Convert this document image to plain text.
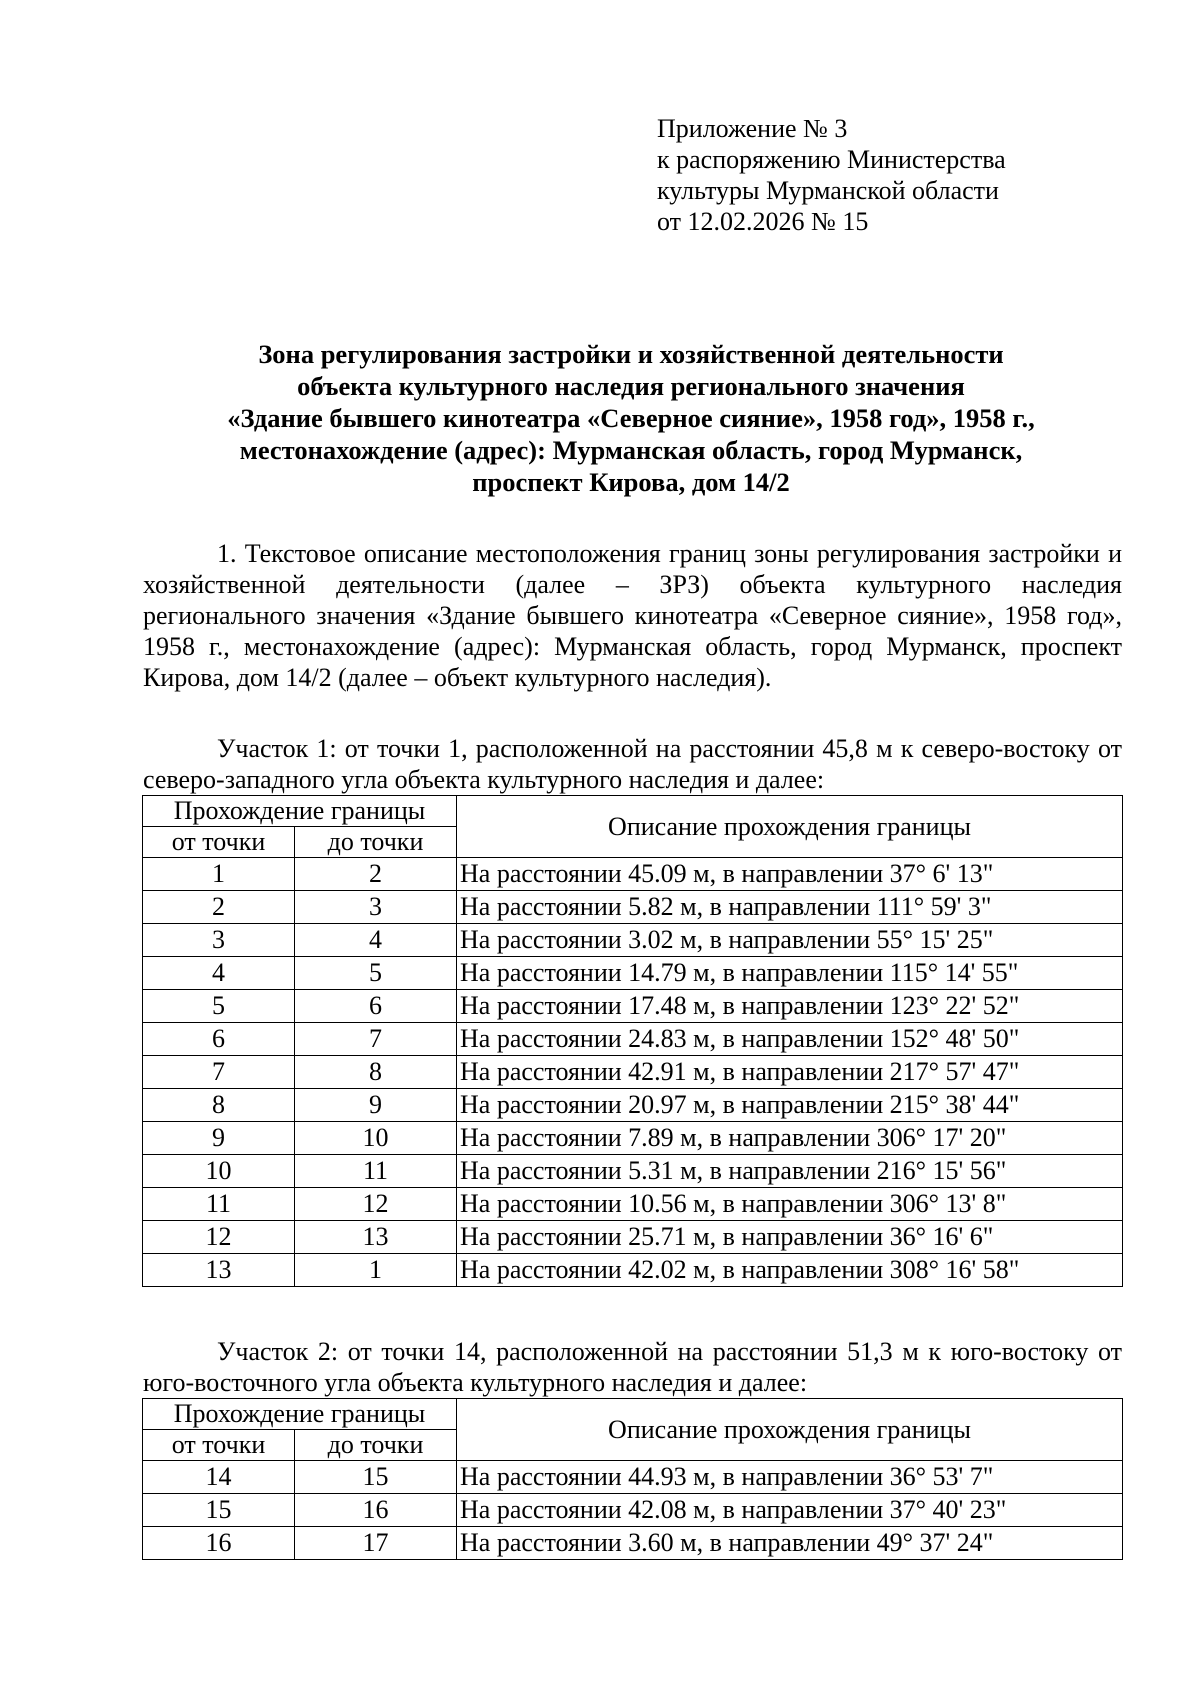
Приложение № 3
к распоряжению Министерства
культуры Мурманской области
от 12.02.2026 № 15
Зона регулирования застройки и хозяйственной деятельности
объекта культурного наследия регионального значения
«Здание бывшего кинотеатра «Северное сияние», 1958 год», 1958 г.,
местонахождение (адрес): Мурманская область, город Мурманск,
проспект Кирова, дом 14/2
1. Текстовое описание местоположения границ зоны регулирования застройки и хозяйственной деятельности (далее – ЗРЗ) объекта культурного наследия регионального значения «Здание бывшего кинотеатра «Северное сияние», 1958 год», 1958 г., местонахождение (адрес): Мурманская область, город Мурманск, проспект Кирова, дом 14/2 (далее – объект культурного наследия).
Участок 1: от точки 1, расположенной на расстоянии 45,8 м к северо-востоку от северо-западного угла объекта культурного наследия и далее:
Прохождение границы		Описание прохождения границы
от точки	до точки	
1	2	На расстоянии 45.09 м, в направлении 37° 6' 13"
2	3	На расстоянии 5.82 м, в направлении 111° 59' 3"
3	4	На расстоянии 3.02 м, в направлении 55° 15' 25"
4	5	На расстоянии 14.79 м, в направлении 115° 14' 55"
5	6	На расстоянии 17.48 м, в направлении 123° 22' 52"
6	7	На расстоянии 24.83 м, в направлении 152° 48' 50"
7	8	На расстоянии 42.91 м, в направлении 217° 57' 47"
8	9	На расстоянии 20.97 м, в направлении 215° 38' 44"
9	10	На расстоянии 7.89 м, в направлении 306° 17' 20"
10	11	На расстоянии 5.31 м, в направлении 216° 15' 56"
11	12	На расстоянии 10.56 м, в направлении 306° 13' 8"
12	13	На расстоянии 25.71 м, в направлении 36° 16' 6"
13	1	На расстоянии 42.02 м, в направлении 308° 16' 58"
Участок 2: от точки 14, расположенной на расстоянии 51,3 м к юго-востоку от юго-восточного угла объекта культурного наследия и далее:
Прохождение границы		Описание прохождения границы
от точки	до точки	
14	15	На расстоянии 44.93 м, в направлении 36° 53' 7"
15	16	На расстоянии 42.08 м, в направлении 37° 40' 23"
16	17	На расстоянии 3.60 м, в направлении 49° 37' 24"
